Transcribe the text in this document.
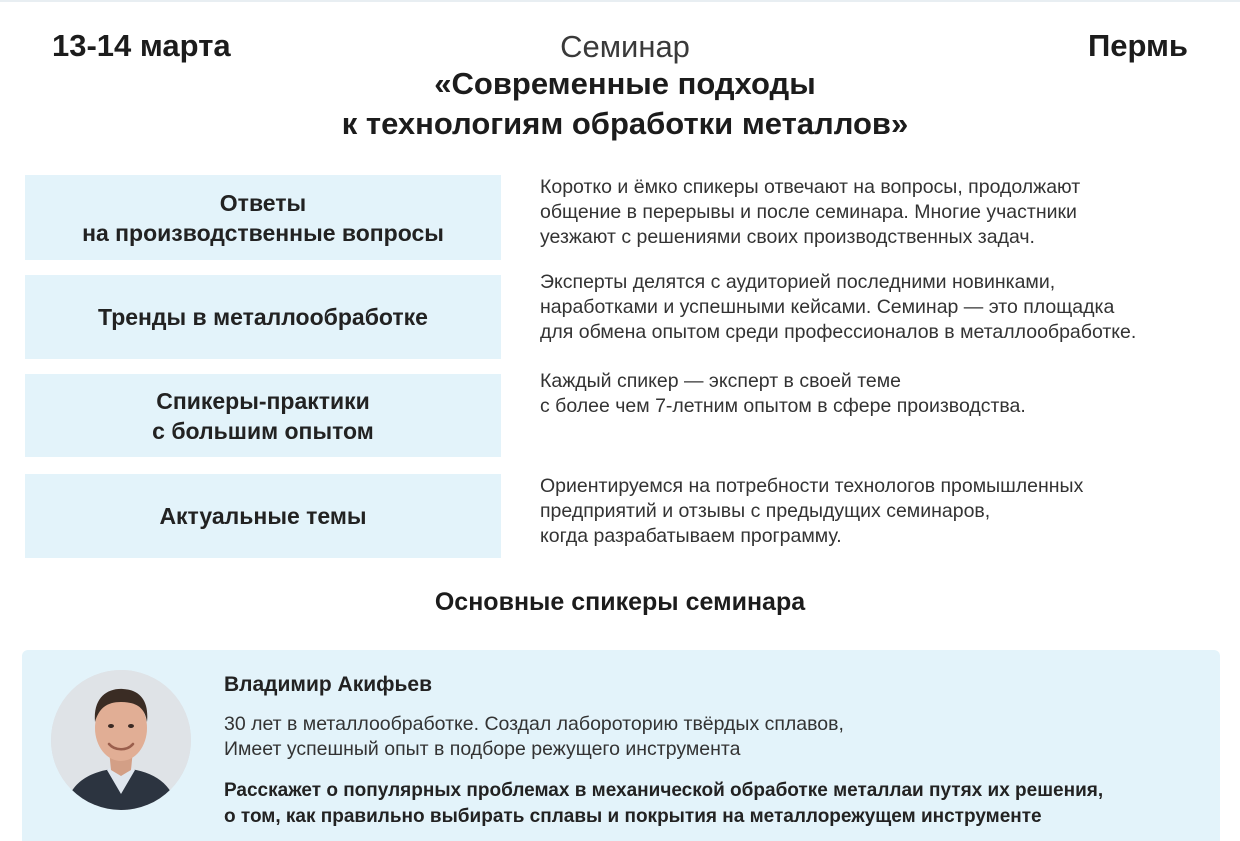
13-14 марта	Семинар	Пермь
«Современные подходы
к технологиям обработки металлов»
Ответы
на производственные вопросы
Коротко и ёмко спикеры отвечают на вопросы, продолжают
общение в перерывы и после семинара. Многие участники
уезжают с решениями своих производственных задач.
Тренды в металлообработке
Эксперты делятся с аудиторией последними новинками,
наработками и успешными кейсами. Семинар — это площадка
для обмена опытом среди профессионалов в металлообработке.
Спикеры-практики
с большим опытом
Каждый спикер — эксперт в своей теме
с более чем 7-летним опытом в сфере производства.
Актуальные темы
Ориентируемся на потребности технологов промышленных
предприятий и отзывы с предыдущих семинаров,
когда разрабатываем программу.
Основные спикеры семинара
Владимир Акифьев
30 лет в металлообработке. Создал лабороторию твёрдых сплавов,
Имеет успешный опыт в подборе режущего инструмента
Расскажет о популярных проблемах в механической обработке металлаи путях их решения,
о том, как правильно выбирать сплавы и покрытия на металлорежущем инструменте
